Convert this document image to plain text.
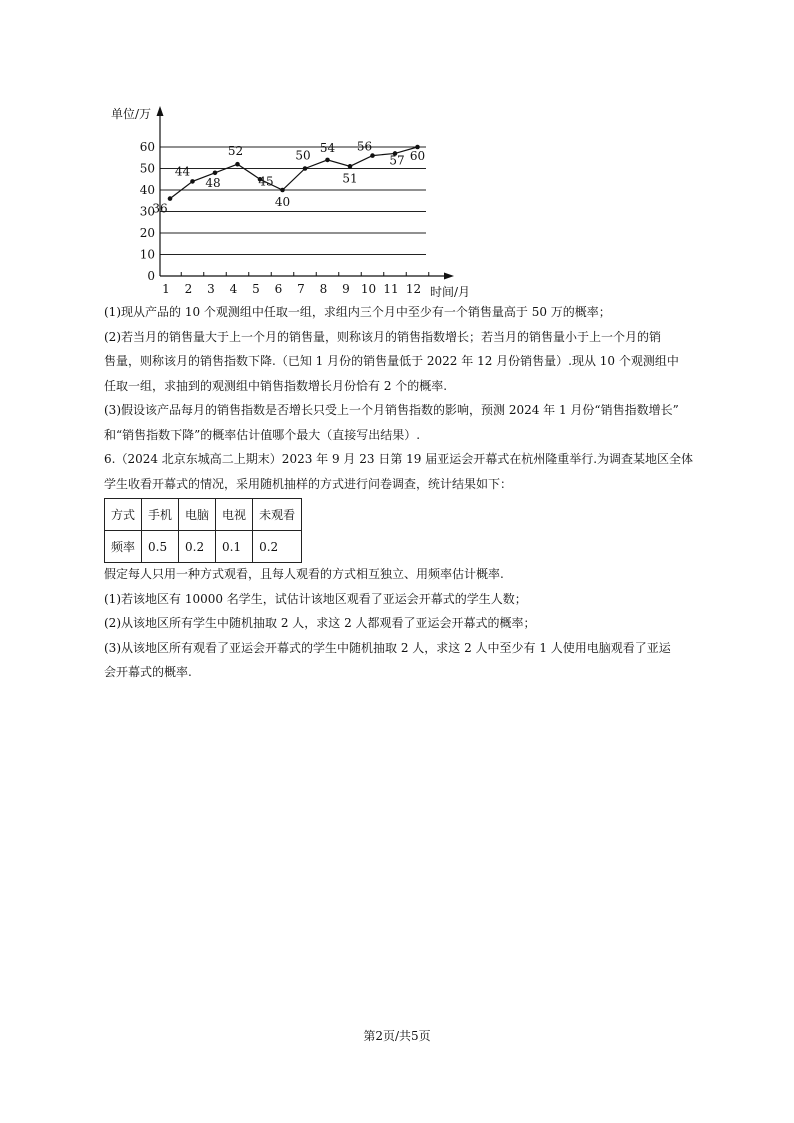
0
10
20
30
40
50
60
1 2 3 4 5 6 7 8 9 10 11 12
36
44
48
52
45
40
50
54
51
56
57 60
单位/万
时间/月
(1)现从产品的 10 个观测组中任取一组，求组内三个月中至少有一个销售量高于 50 万的概率；
(2)若当月的销售量大于上一个月的销售量，则称该月的销售指数增长；若当月的销售量小于上一个月的销
售量，则称该月的销售指数下降.（已知 1 月份的销售量低于 2022 年 12 月份销售量）.现从 10 个观测组中
任取一组，求抽到的观测组中销售指数增长月份恰有 2 个的概率.
(3)假设该产品每月的销售指数是否增长只受上一个月销售指数的影响，预测 2024 年 1 月份“销售指数增长”
和“销售指数下降”的概率估计值哪个最大（直接写出结果）.
6.（2024 北京东城高二上期末）2023 年 9 月 23 日第 19 届亚运会开幕式在杭州隆重举行.为调查某地区全体
学生收看开幕式的情况，采用随机抽样的方式进行问卷调查，统计结果如下：
方式	手机	电脑	电视	未观看
频率	0.5	0.2	0.1	0.2
假定每人只用一种方式观看，且每人观看的方式相互独立、用频率估计概率.
(1)若该地区有 10000 名学生，试估计该地区观看了亚运会开幕式的学生人数；
(2)从该地区所有学生中随机抽取 2 人，求这 2 人都观看了亚运会开幕式的概率；
(3)从该地区所有观看了亚运会开幕式的学生中随机抽取 2 人，求这 2 人中至少有 1 人使用电脑观看了亚运
会开幕式的概率.
第2页/共5页
